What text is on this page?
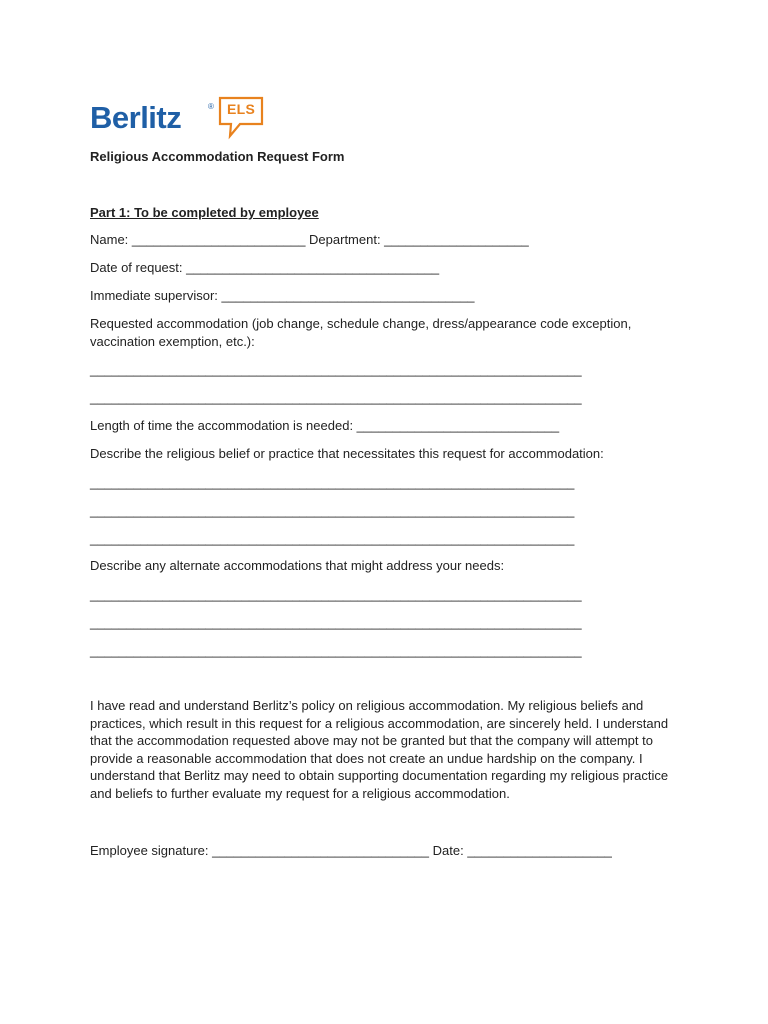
Berlitz	® ELS
Religious Accommodation Request Form
Part 1: To be completed by employee
Name: ________________________ Department: ____________________
Date of request: ___________________________________
Immediate supervisor: ___________________________________
Requested accommodation (job change, schedule change, dress/appearance code exception, vaccination exemption, etc.):
____________________________________________________________________
____________________________________________________________________
Length of time the accommodation is needed: ____________________________
Describe the religious belief or practice that necessitates this request for accommodation:
___________________________________________________________________
___________________________________________________________________
___________________________________________________________________
Describe any alternate accommodations that might address your needs:
____________________________________________________________________
____________________________________________________________________
____________________________________________________________________
I have read and understand Berlitz’s policy on religious accommodation. My religious beliefs and practices, which result in this request for a religious accommodation, are sincerely held. I understand that the accommodation requested above may not be granted but that the company will attempt to provide a reasonable accommodation that does not create an undue hardship on the company. I understand that Berlitz may need to obtain supporting documentation regarding my religious practice and beliefs to further evaluate my request for a religious accommodation.
Employee signature: ______________________________ Date: ____________________
